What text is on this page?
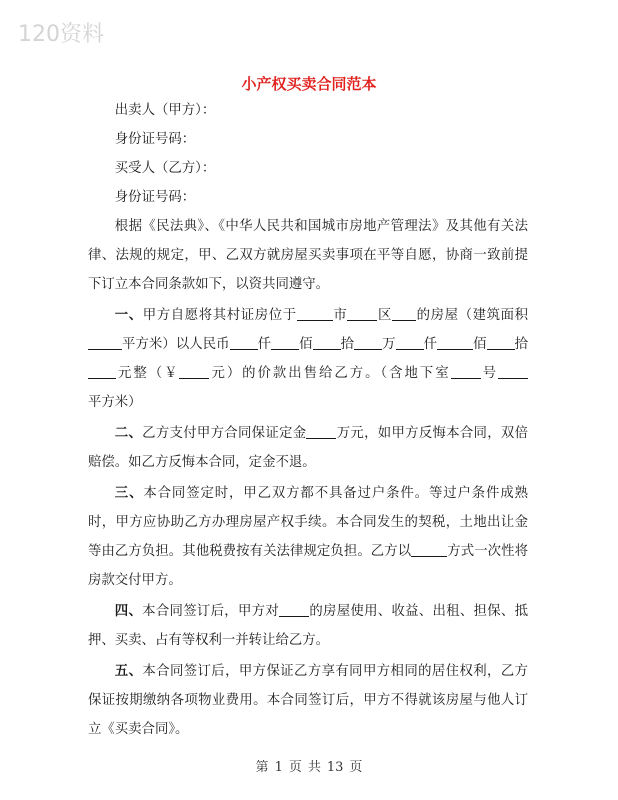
120资料
小产权买卖合同范本

出卖人（甲方）：

身份证号码：

买受人（乙方）：

身份证号码：

根据《民法典》、《中华人民共和国城市房地产管理法》及其他有关法 律、法规的规定，甲、乙双方就房屋买卖事项在平等自愿，协商一致前提下订立本合同条款如下，以资共同遵守。

一、甲方自愿将其村证房位于	市 区 的房屋（建筑面积平方米）以人民币 仟 佰 拾 万 仟	佰 拾元整（￥ 元）的价款出售给乙方。（含地下室 号平方米）

二、乙方支付甲方合同保证定金 万元，如甲方反悔本合同，双倍赔偿。如乙方反悔本合同，定金不退。

三、本合同签定时，甲乙双方都不具备过户条件。等过户条件成熟时，甲方应协助乙方办理房屋产权手续。本合同发生的契税，土地出让金等由乙方负担。其他税费按有关法律规定负担。乙方以	方式一次性将房款交付甲方。

四、本合同签订后，甲方对 的房屋使用、收益、出租、担保、抵押、买卖、占有等权利一并转让给乙方。

五、本合同签订后，甲方保证乙方享有同甲方相同的居住权利，乙方保证按期缴纳各项物业费用。本合同签订后，甲方不得就该房屋与他人订立《买卖合同》。

第 1 页 共 13 页
